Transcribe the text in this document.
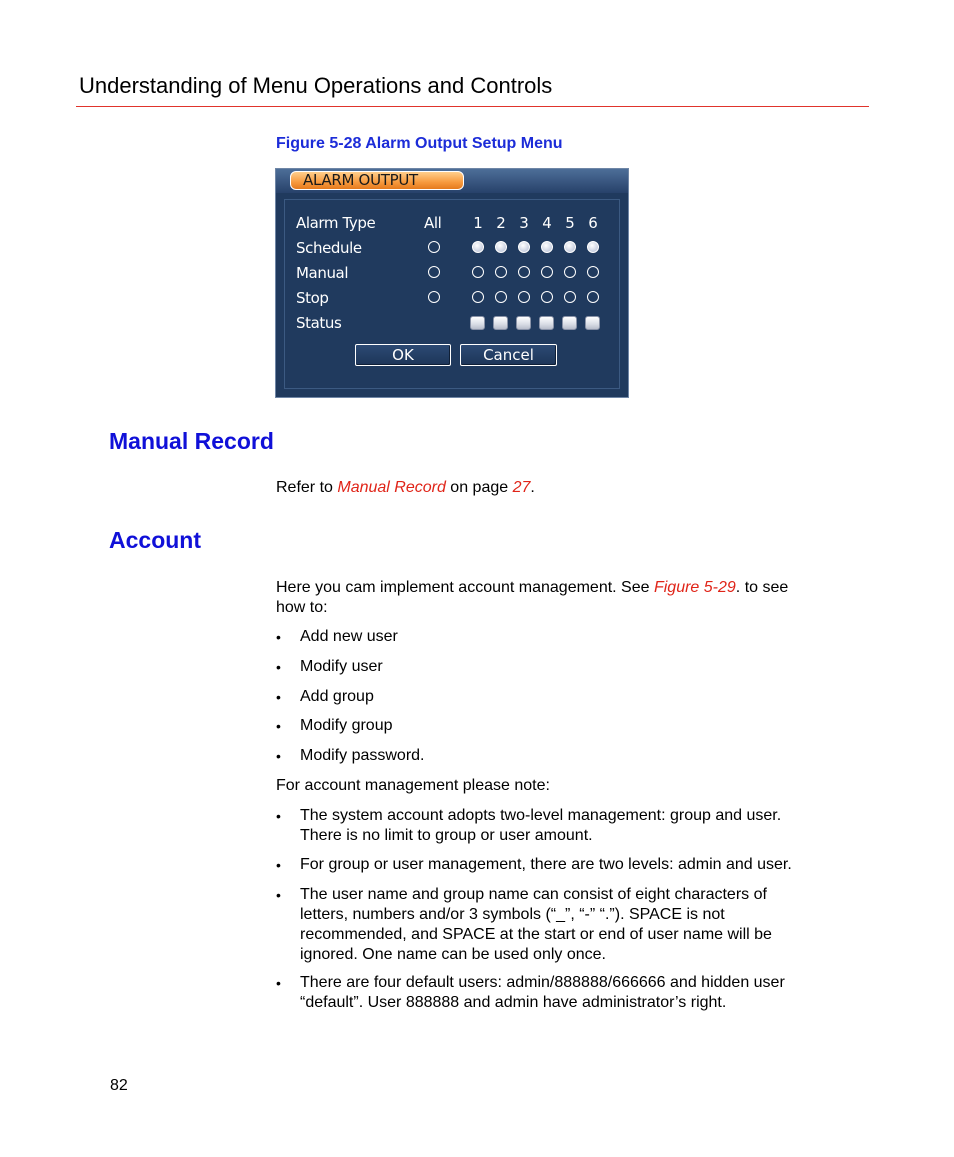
Understanding of Menu Operations and Controls
Figure 5-28 Alarm Output Setup Menu
ALARM OUTPUT
Alarm Type
Schedule
Manual
Stop
Status
All 1 2 3 4 5 6
OK	Cancel
Manual Record
Refer to Manual Record on page 27.
Account
Here you cam implement account management. See Figure 5-29. to see
how to:
• Add new user
• Modify user
• Add group
• Modify group
• Modify password.
For account management please note:
• The system account adopts two-level management: group and user.
There is no limit to group or user amount.
• For group or user management, there are two levels: admin and user.
• The user name and group name can consist of eight characters of
letters, numbers and/or 3 symbols (“_”, “-” “.”). SPACE is not
recommended, and SPACE at the start or end of user name will be
ignored. One name can be used only once.
• There are four default users: admin/888888/666666 and hidden user
“default”. User 888888 and admin have administrator’s right.
82
